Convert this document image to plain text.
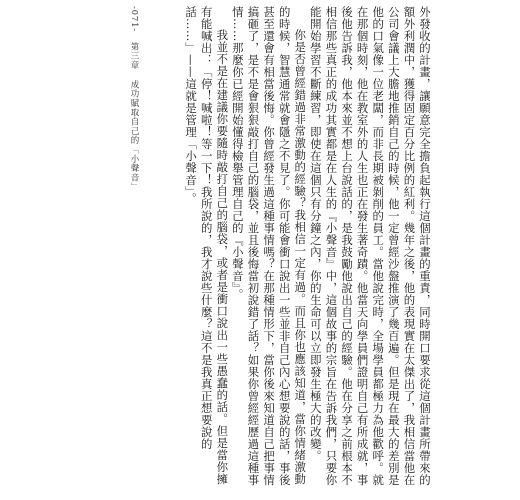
-071-第三章成功賦取自己的「小聲音」	外發收的計畫，讓願意完全擔負起執行這個計畫的重責，同時開口要求從這個計畫所帶來的額外利潤中，獲得固定百分比例的紅利。幾年之後，他的表現實在太傑出了，我相信當他在公司會議上大膽地推銷自己的時候，他一定曾經沙盤推演了幾百遍。但是現在最大的差別是他的口氣像一位老闆，而非長期被剝削的員工。當他說完時，全場學員都極力為他歡呼。就在那個時刻，他在教室外的人生也正在發生著奇蹟。他當天向學員們證明自己有所成就，事後他告訴我，他本來並不想上台說話的，是我鼓勵他說出自己的經驗。他在分享之前根本不相信那些真正的成功其實都是在人生的『小聲音』中，這個故事的宗旨在告訴我們，只要你能開始學習不斷練習，即使在這個只有分鐘之內，你的生命可以立即發生極大的改變。

你是否曾經錯過非常激動的經驗？我相信一定有過。而且你也應該知道，當你情緒激動的時候，智慧通常就會隱之不見了。你可能會衝口說出一些並非自己內心想要說的話，事後甚至還會有相當後悔。你曾經發生過這種事情嗎？在那種情形下，當你後來知道自己把事情搞砸了，是不是會狠狠敲打自己的腦袋，並且後悔當初說錯了話？如果你曾經經歷過這種事情……那麼你已經開始懂得檢舉管理自己的『小聲音』。

我並不是在建議你要隨時敲打自己的腦袋，或者是衝口說出一些愚蠢的話。但是當你擁有能喊出：「停！喊啦！等一下！我所說的，我才說些什麼？這不是我真正想要說的話……」——這就是管理「小聲音」。
